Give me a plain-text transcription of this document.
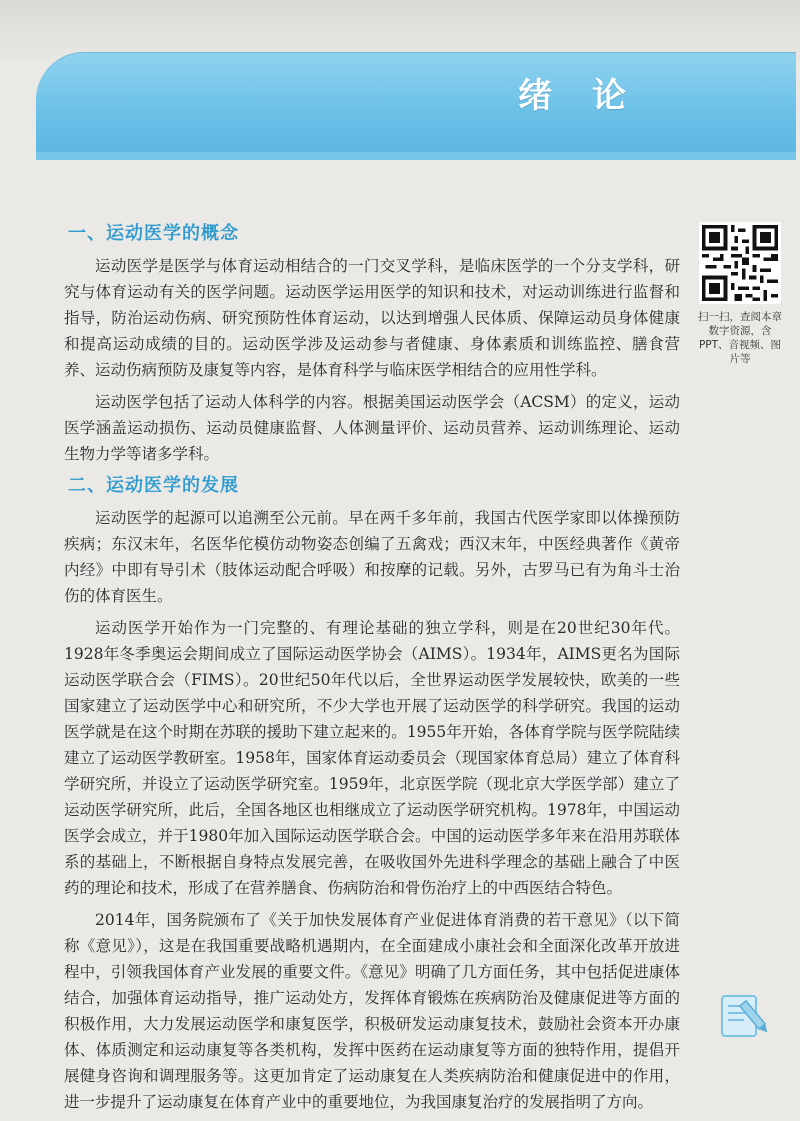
绪 论
一、运动医学的概念

运动医学是医学与体育运动相结合的一门交叉学科，是临床医学的一个分支学科，研究与体育运动有关的医学问题。运动医学运用医学的知识和技术，对运动训练进行监督和指导，防治运动伤病、研究预防性体育运动，以达到增强人民体质、保障运动员身体健康和提高运动成绩的目的。运动医学涉及运动参与者健康、身体素质和训练监控、膳食营养、运动伤病预防及康复等内容，是体育科学与临床医学相结合的应用性学科。

运动医学包括了运动人体科学的内容。根据美国运动医学会（ACSM）的定义，运动医学涵盖运动损伤、运动员健康监督、人体测量评价、运动员营养、运动训练理论、运动生物力学等诸多学科。

二、运动医学的发展

运动医学的起源可以追溯至公元前。早在两千多年前，我国古代医学家即以体操预防疾病；东汉末年，名医华佗模仿动物姿态创编了五禽戏；西汉末年，中医经典著作《黄帝内经》中即有导引术（肢体运动配合呼吸）和按摩的记载。另外，古罗马已有为角斗士治伤的体育医生。

运动医学开始作为一门完整的、有理论基础的独立学科，则是在20世纪30年代。1928年冬季奥运会期间成立了国际运动医学协会（AIMS）。1934年，AIMS更名为国际运动医学联合会（FIMS）。20世纪50年代以后，全世界运动医学发展较快，欧美的一些国家建立了运动医学中心和研究所，不少大学也开展了运动医学的科学研究。我国的运动医学就是在这个时期在苏联的援助下建立起来的。1955年开始，各体育学院与医学院陆续建立了运动医学教研室。1958年，国家体育运动委员会（现国家体育总局）建立了体育科学研究所，并设立了运动医学研究室。1959年，北京医学院（现北京大学医学部）建立了运动医学研究所，此后，全国各地区也相继成立了运动医学研究机构。1978年，中国运动医学会成立，并于1980年加入国际运动医学联合会。中国的运动医学多年来在沿用苏联体系的基础上，不断根据自身特点发展完善，在吸收国外先进科学理念的基础上融合了中医药的理论和技术，形成了在营养膳食、伤病防治和骨伤治疗上的中西医结合特色。

2014年，国务院颁布了《关于加快发展体育产业促进体育消费的若干意见》（以下简称《意见》），这是在我国重要战略机遇期内，在全面建成小康社会和全面深化改革开放进程中，引领我国体育产业发展的重要文件。《意见》明确了几方面任务，其中包括促进康体结合，加强体育运动指导，推广运动处方，发挥体育锻炼在疾病防治及健康促进等方面的积极作用，大力发展运动医学和康复医学，积极研发运动康复技术，鼓励社会资本开办康体、体质测定和运动康复等各类机构，发挥中医药在运动康复等方面的独特作用，提倡开展健身咨询和调理服务等。这更加肯定了运动康复在人类疾病防治和健康促进中的作用，进一步提升了运动康复在体育产业中的重要地位，为我国康复治疗的发展指明了方向。

扫一扫，查阅本章数字资源，含PPT、音视频、图片等
